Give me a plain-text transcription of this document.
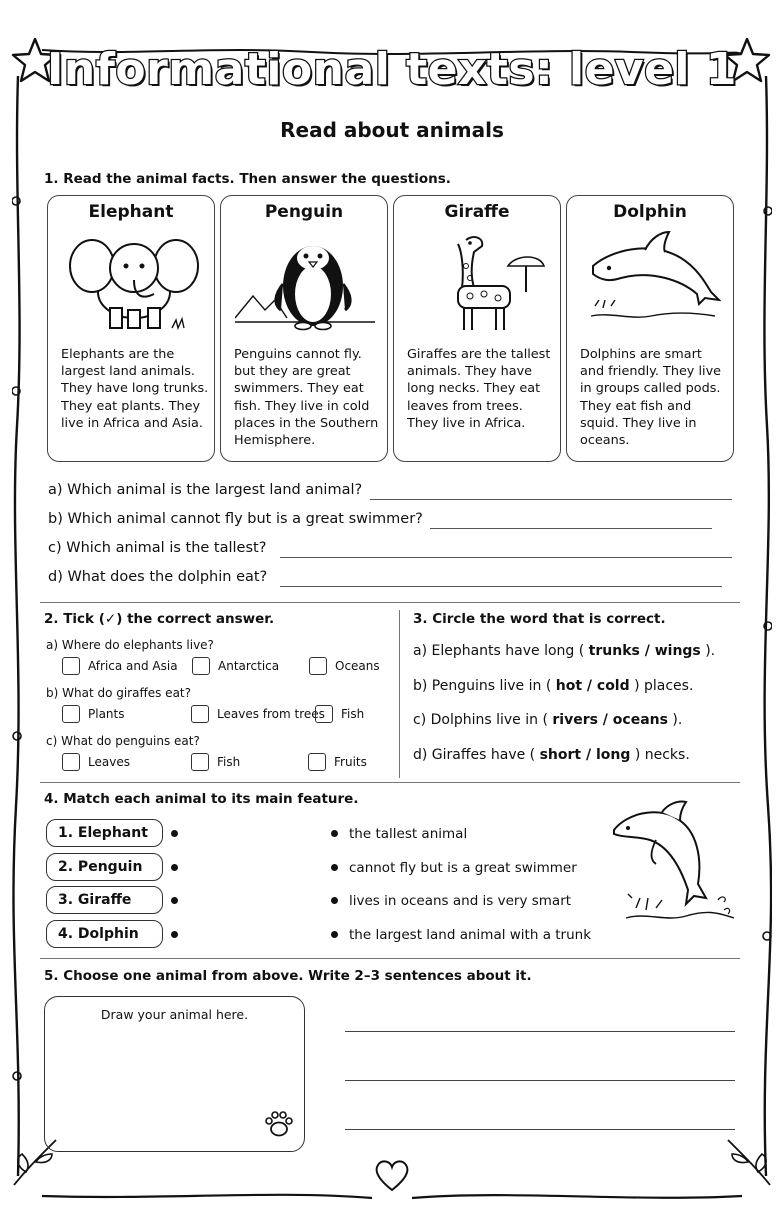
Informational texts: level 1
Read about animals
1. Read the animal facts. Then answer the questions.
Elephant
Elephants are the largest land animals. They have long trunks. They eat plants. They live in Africa and Asia.
Penguin
Penguins cannot fly. but they are great swimmers. They eat fish. They live in cold places in the Southern Hemisphere.
Giraffe
Giraffes are the tallest animals. They have long necks. They eat leaves from trees. They live in Africa.
Dolphin
Dolphins are smart and friendly. They live in groups called pods. They eat fish and squid. They live in oceans.
a) Which animal is the largest land animal?
b) Which animal cannot fly but is a great swimmer?
c) Which animal is the tallest?
d) What does the dolphin eat?
2. Tick (✓) the correct answer.
a) Where do elephants live?
Africa and Asia	Antarctica	Oceans
b) What do giraffes eat?
Plants	Leaves from trees Fish
c) What do penguins eat?
Leaves	Fish	Fruits
3. Circle the word that is correct.
a) Elephants have long ( trunks / wings ).
b) Penguins live in ( hot / cold ) places.
c) Dolphins live in ( rivers / oceans ).
d) Giraffes have ( short / long ) necks.
4. Match each animal to its main feature.
1. Elephant
2. Penguin
3. Giraffe
4. Dolphin
the tallest animal
cannot fly but is a great swimmer
lives in oceans and is very smart
the largest land animal with a trunk
5. Choose one animal from above. Write 2–3 sentences about it.
Draw your animal here.
